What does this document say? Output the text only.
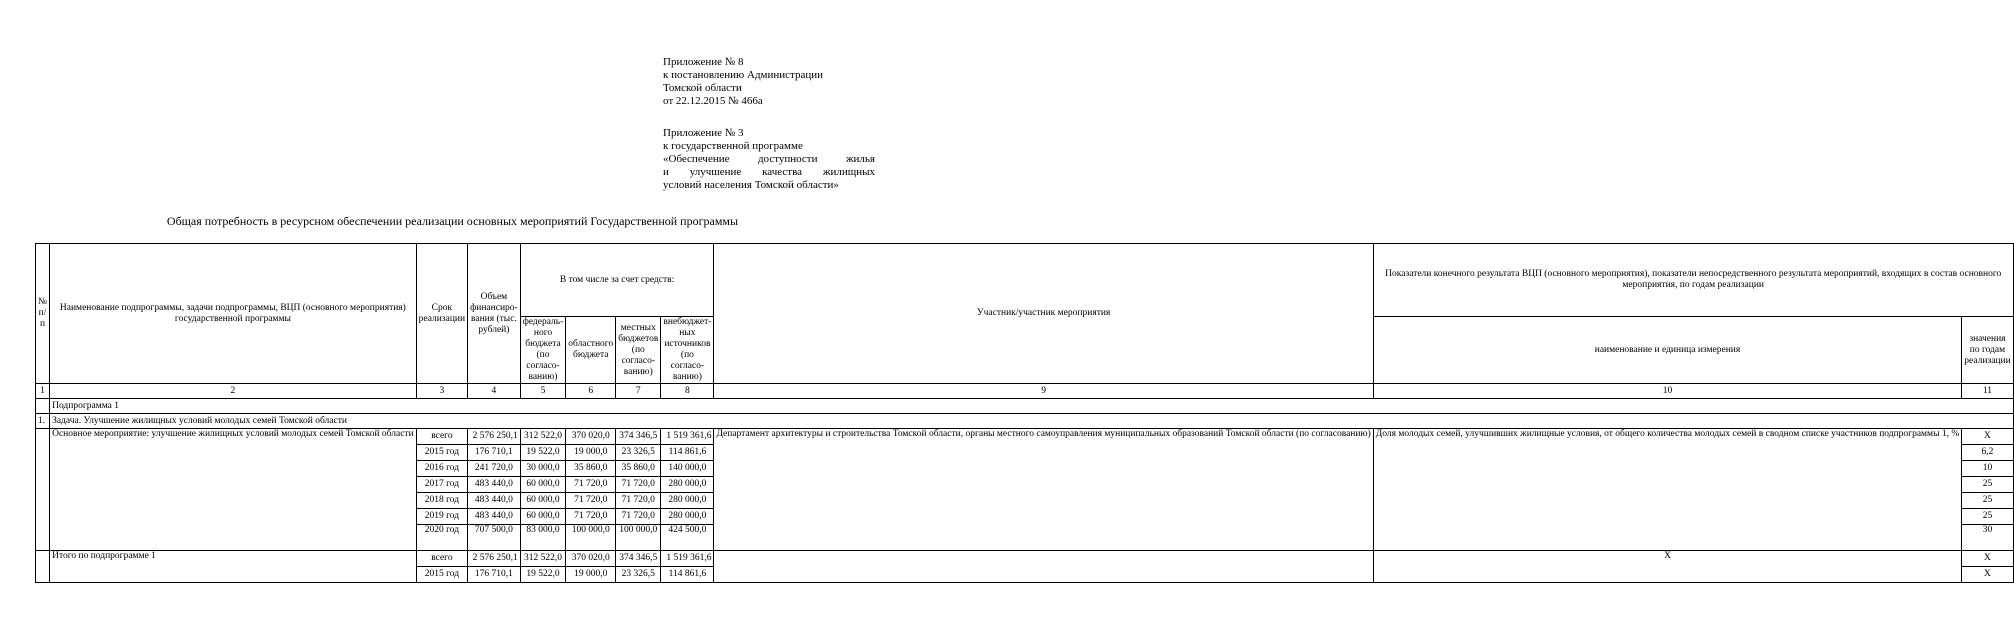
Приложение № 8
к постановлению Администрации
Томской области
от 22.12.2015 № 466а
Приложение № 3
к государственной программе
«Обеспечение доступности жилья
и улучшение качества жилищных
условий населения Томской области»
Общая потребность в ресурсном обеспечении реализации основных мероприятий Государственной программы
№ п/п	Наименование подпрограммы, задачи подпрограммы, ВЦП (основного мероприятия) государственной программы	Срок реализации	Объем финансиро-вания (тыс. рублей)	В том числе за счет средств:				Участник/участник мероприятия	Показатели конечного результата ВЦП (основного мероприятия), показатели непосредственного результата мероприятий, входящих в состав основного мероприятия, по годам реализации	
				федераль-ного бюджета (по согласо-ванию)	областного бюджета	местных бюджетов (по согласо-ванию)	внебюджет-ных источников (по согласо-ванию)		наименование и единица измерения	значения по годам реализации
1	2	3	4	5	6	7	8	9	10	11
	Подпрограмма 1									
1.	Задача. Улучшение жилищных условий молодых семей Томской области									
	Основное мероприятие: улучшение жилищных условий молодых семей Томской области	всего	2 576 250,1	312 522,0	370 020,0	374 346,5	1 519 361,6	Департамент архитектуры и строительства Томской области, органы местного самоуправления муниципальных образований Томской области (по согласованию)	Доля молодых семей, улучшивших жилищные условия, от общего количества молодых семей в сводном списке участников подпрограммы 1, %	Х
		2015 год	176 710,1	19 522,0	19 000,0	23 326,5	114 861,6			6,2
		2016 год	241 720,0	30 000,0	35 860,0	35 860,0	140 000,0			10
		2017 год	483 440,0	60 000,0	71 720,0	71 720,0	280 000,0			25
		2018 год	483 440,0	60 000,0	71 720,0	71 720,0	280 000,0			25
		2019 год	483 440,0	60 000,0	71 720,0	71 720,0	280 000,0			25
		2020 год	707 500,0	83 000,0	100 000,0	100 000,0	424 500,0			30
	Итого по подпрограмме 1	всего	2 576 250,1	312 522,0	370 020,0	374 346,5	1 519 361,6		Х	Х
		2015 год	176 710,1	19 522,0	19 000,0	23 326,5	114 861,6			Х
